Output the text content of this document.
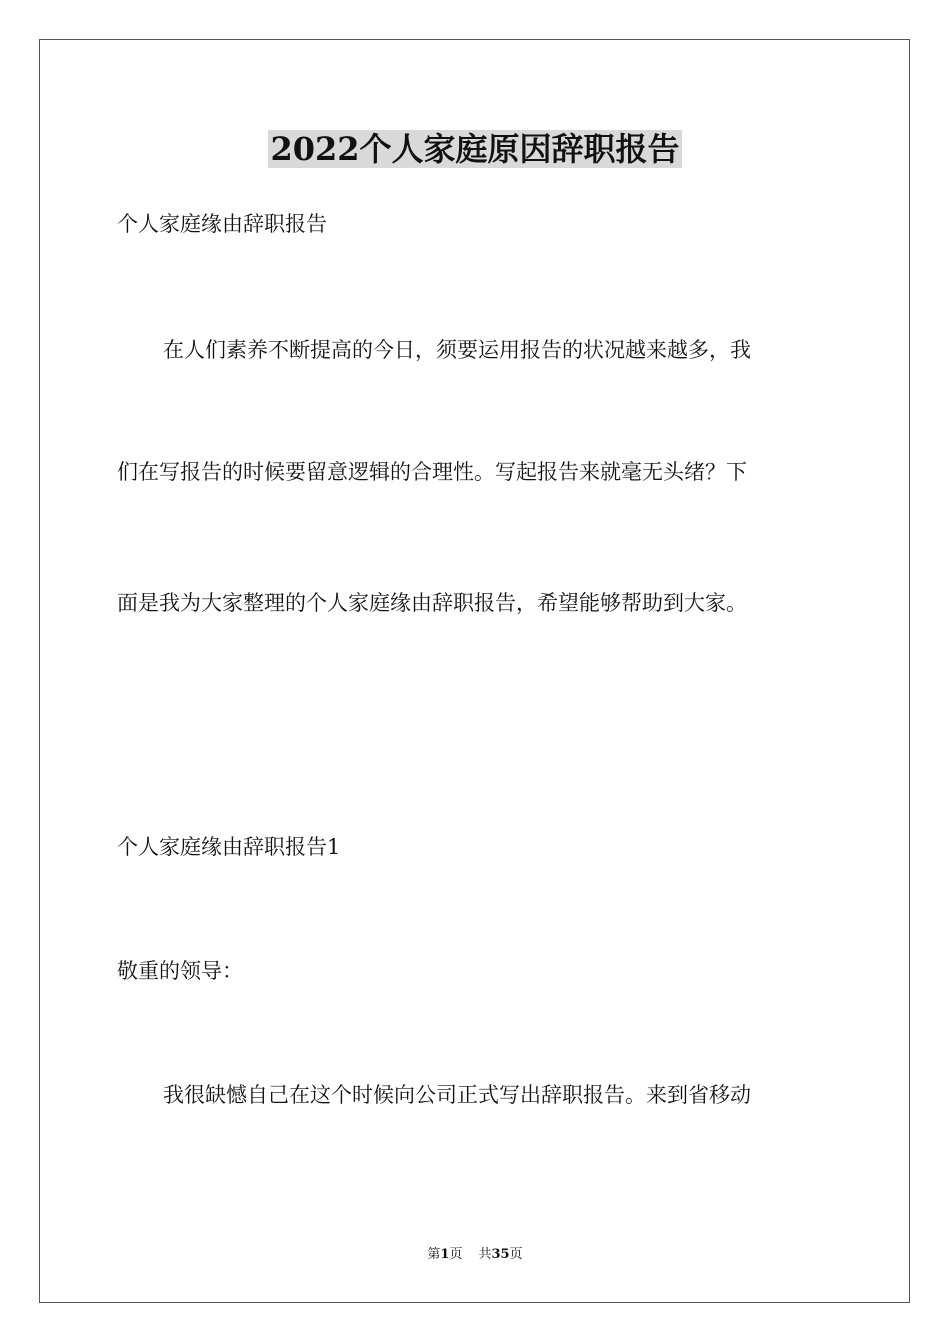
2022个人家庭原因辞职报告
个人家庭缘由辞职报告
在人们素养不断提高的今日，须要运用报告的状况越来越多，我
们在写报告的时候要留意逻辑的合理性。写起报告来就毫无头绪？下
面是我为大家整理的个人家庭缘由辞职报告，希望能够帮助到大家。
个人家庭缘由辞职报告1
敬重的领导：
我很缺憾自己在这个时候向公司正式写出辞职报告。来到省移动
第1页 共35页
